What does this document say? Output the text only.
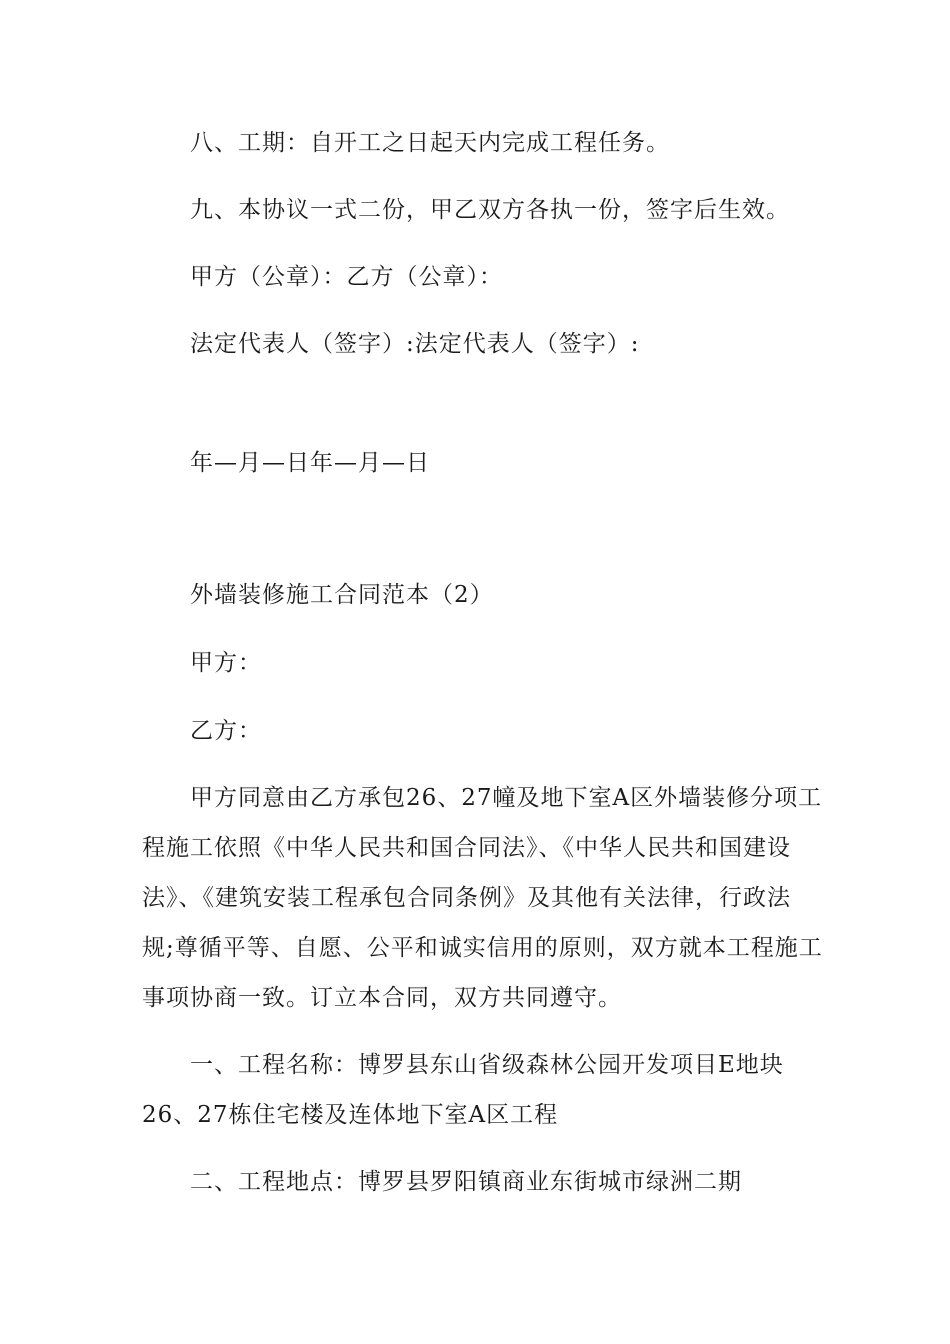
八、工期：自开工之日起天内完成工程任务。
九、本协议一式二份，甲乙双方各执一份，签字后生效。
甲方（公章）：乙方（公章）：
法定代表人（签字）:法定代表人（签字）:
年—月—日年—月—日
外墙装修施工合同范本（2）
甲方：
乙方：
甲方同意由乙方承包26、27幢及地下室A区外墙装修分项工
程施工依照《中华人民共和国合同法》、《中华人民共和国建设
法》、《建筑安装工程承包合同条例》及其他有关法律，行政法
规;尊循平等、自愿、公平和诚实信用的原则，双方就本工程施工
事项协商一致。订立本合同，双方共同遵守。
一、工程名称：博罗县东山省级森林公园开发项目E地块
26、27栋住宅楼及连体地下室A区工程
二、工程地点：博罗县罗阳镇商业东街城市绿洲二期
